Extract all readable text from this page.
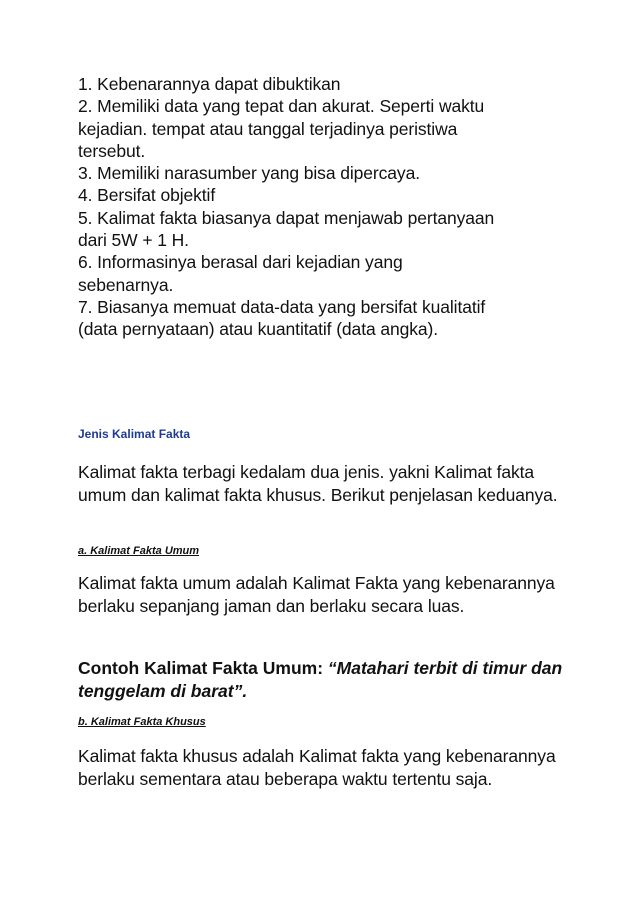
1. Kebenarannya dapat dibuktikan

2. Memiliki data yang tepat dan akurat. Seperti waktu

kejadian. tempat atau tanggal terjadinya peristiwa

tersebut.

3. Memiliki narasumber yang bisa dipercaya.

4. Bersifat objektif

5. Kalimat fakta biasanya dapat menjawab pertanyaan

dari 5W + 1 H.

6. Informasinya berasal dari kejadian yang

sebenarnya.

7. Biasanya memuat data-data yang bersifat kualitatif

(data pernyataan) atau kuantitatif (data angka).

Jenis Kalimat Fakta

Kalimat fakta terbagi kedalam dua jenis. yakni Kalimat fakta umum dan kalimat fakta khusus. Berikut penjelasan keduanya.

a. Kalimat Fakta Umum

Kalimat fakta umum adalah Kalimat Fakta yang kebenarannya berlaku sepanjang jaman dan berlaku secara luas.

Contoh Kalimat Fakta Umum: “Matahari terbit di timur dan tenggelam di barat”.

b. Kalimat Fakta Khusus

Kalimat fakta khusus adalah Kalimat fakta yang kebenarannya berlaku sementara atau beberapa waktu tertentu saja.
